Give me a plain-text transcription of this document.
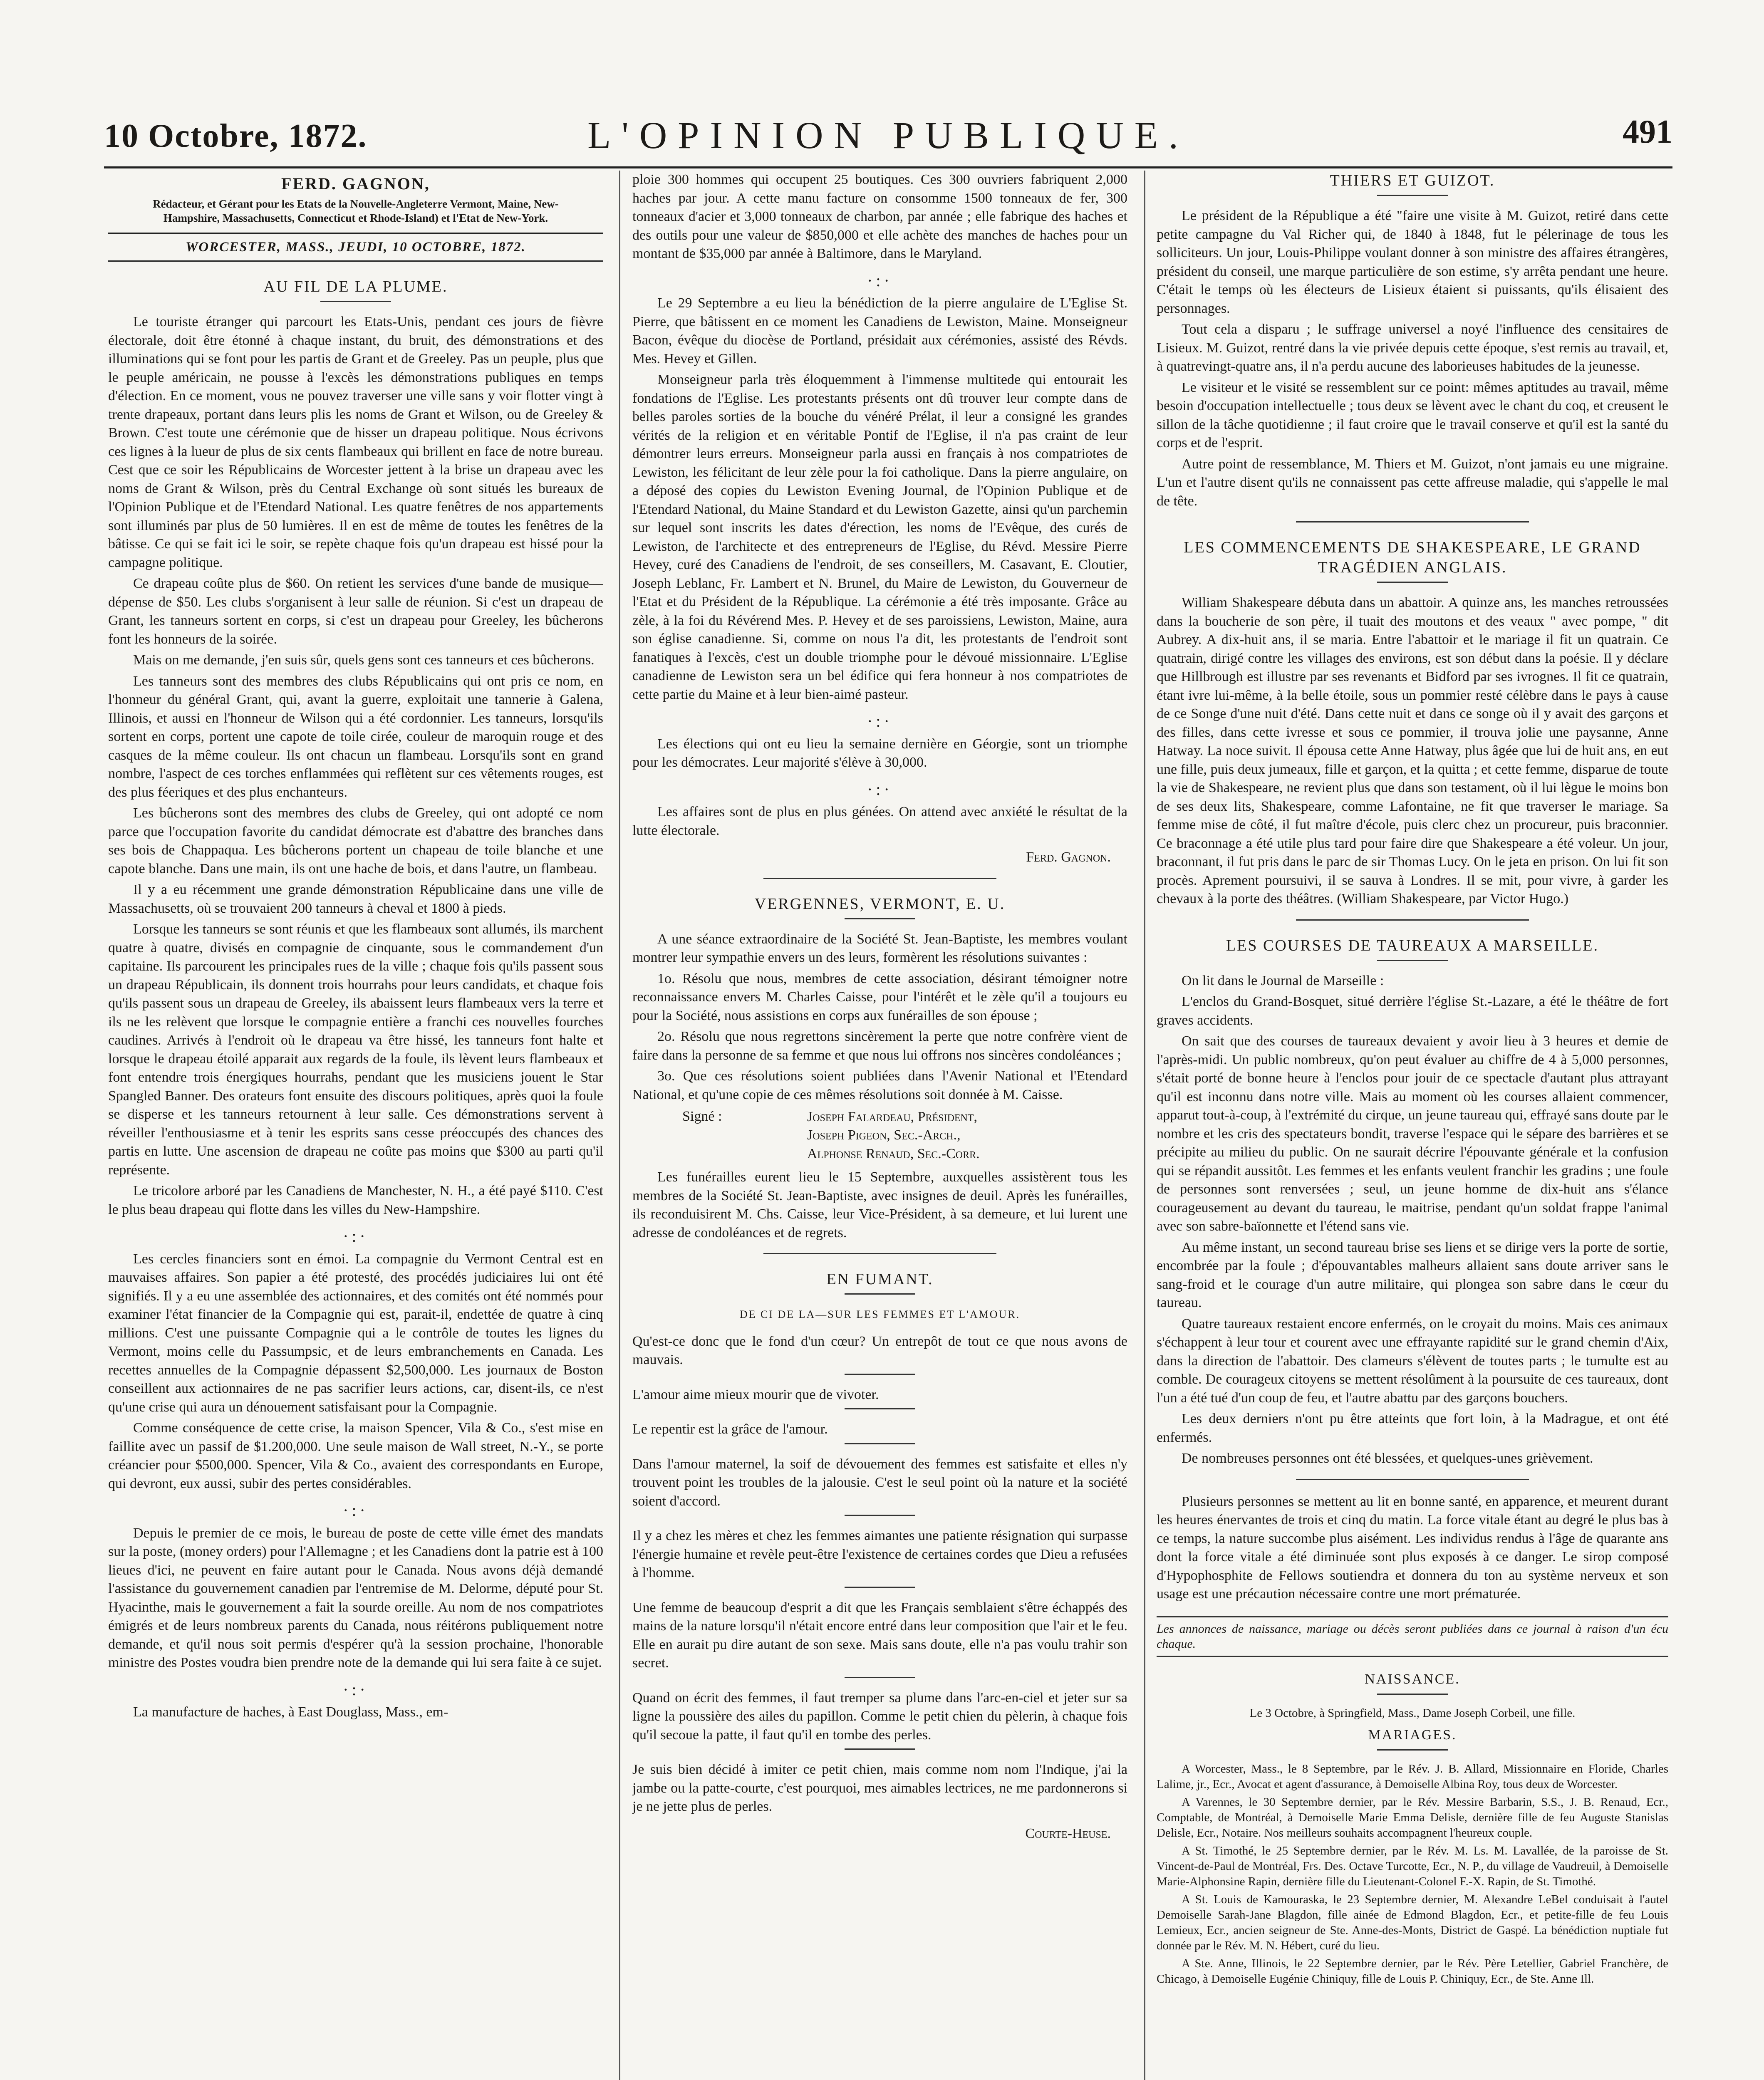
10 Octobre, 1872.	L'OPINION PUBLIQUE.	491
FERD. GAGNON,
Rédacteur, et Gérant pour les Etats de la Nouvelle-Angleterre Vermont, Maine, New-Hampshire, Massachusetts, Connecticut et Rhode-Island) et l'Etat de New-York.
WORCESTER, MASS., JEUDI, 10 OCTOBRE, 1872.
AU FIL DE LA PLUME.

Le touriste étranger qui parcourt les Etats-Unis, pendant ces jours de fièvre électorale, doit être étonné à chaque instant, du bruit, des démonstrations et des illuminations qui se font pour les partis de Grant et de Greeley. Pas un peuple, plus que le peuple américain, ne pousse à l'excès les démonstrations publiques en temps d'élection. En ce moment, vous ne pouvez traverser une ville sans y voir flotter vingt à trente drapeaux, portant dans leurs plis les noms de Grant et Wilson, ou de Greeley & Brown. C'est toute une cérémonie que de hisser un drapeau politique. Nous écrivons ces lignes à la lueur de plus de six cents flambeaux qui brillent en face de notre bureau. Cest que ce soir les Républicains de Worcester jettent à la brise un drapeau avec les noms de Grant & Wilson, près du Central Exchange où sont situés les bureaux de l'Opinion Publique et de l'Etendard National. Les quatre fenêtres de nos appartements sont illuminés par plus de 50 lumières. Il en est de même de toutes les fenêtres de la bâtisse. Ce qui se fait ici le soir, se repète chaque fois qu'un drapeau est hissé pour la campagne politique.

Ce drapeau coûte plus de $60. On retient les services d'une bande de musique—dépense de $50. Les clubs s'organisent à leur salle de réunion. Si c'est un drapeau de Grant, les tanneurs sortent en corps, si c'est un drapeau pour Greeley, les bûcherons font les honneurs de la soirée.

Mais on me demande, j'en suis sûr, quels gens sont ces tanneurs et ces bûcherons.

Les tanneurs sont des membres des clubs Républicains qui ont pris ce nom, en l'honneur du général Grant, qui, avant la guerre, exploitait une tannerie à Galena, Illinois, et aussi en l'honneur de Wilson qui a été cordonnier. Les tanneurs, lorsqu'ils sortent en corps, portent une capote de toile cirée, couleur de maroquin rouge et des casques de la même couleur. Ils ont chacun un flambeau. Lorsqu'ils sont en grand nombre, l'aspect de ces torches enflammées qui reflètent sur ces vêtements rouges, est des plus féeriques et des plus enchanteurs.

Les bûcherons sont des membres des clubs de Greeley, qui ont adopté ce nom parce que l'occupation favorite du candidat démocrate est d'abattre des branches dans ses bois de Chappaqua. Les bûcherons portent un chapeau de toile blanche et une capote blanche. Dans une main, ils ont une hache de bois, et dans l'autre, un flambeau.

Il y a eu récemment une grande démonstration Républicaine dans une ville de Massachusetts, où se trouvaient 200 tanneurs à cheval et 1800 à pieds.

Lorsque les tanneurs se sont réunis et que les flambeaux sont allumés, ils marchent quatre à quatre, divisés en compagnie de cinquante, sous le commandement d'un capitaine. Ils parcourent les principales rues de la ville ; chaque fois qu'ils passent sous un drapeau Républicain, ils donnent trois hourrahs pour leurs candidats, et chaque fois qu'ils passent sous un drapeau de Greeley, ils abaissent leurs flambeaux vers la terre et ils ne les relèvent que lorsque le compagnie entière a franchi ces nouvelles fourches caudines. Arrivés à l'endroit où le drapeau va être hissé, les tanneurs font halte et lorsque le drapeau étoilé apparait aux regards de la foule, ils lèvent leurs flambeaux et font entendre trois énergiques hourrahs, pendant que les musiciens jouent le Star Spangled Banner. Des orateurs font ensuite des discours politiques, après quoi la foule se disperse et les tanneurs retournent à leur salle. Ces démonstrations servent à réveiller l'enthousiasme et à tenir les esprits sans cesse préoccupés des chances des partis en lutte. Une ascension de drapeau ne coûte pas moins que $300 au parti qu'il représente.

Le tricolore arboré par les Canadiens de Manchester, N. H., a été payé $110. C'est le plus beau drapeau qui flotte dans les villes du New-Hampshire.

·:·

Les cercles financiers sont en émoi. La compagnie du Vermont Central est en mauvaises affaires. Son papier a été protesté, des procédés judiciaires lui ont été signifiés. Il y a eu une assemblée des actionnaires, et des comités ont été nommés pour examiner l'état financier de la Compagnie qui est, parait-il, endettée de quatre à cinq millions. C'est une puissante Compagnie qui a le contrôle de toutes les lignes du Vermont, moins celle du Passumpsic, et de leurs embranchements en Canada. Les recettes annuelles de la Compagnie dépassent $2,500,000. Les journaux de Boston conseillent aux actionnaires de ne pas sacrifier leurs actions, car, disent-ils, ce n'est qu'une crise qui aura un dénouement satisfaisant pour la Compagnie.

Comme conséquence de cette crise, la maison Spencer, Vila & Co., s'est mise en faillite avec un passif de $1.200,000. Une seule maison de Wall street, N.-Y., se porte créancier pour $500,000. Spencer, Vila & Co., avaient des correspondants en Europe, qui devront, eux aussi, subir des pertes considérables.

·:·

Depuis le premier de ce mois, le bureau de poste de cette ville émet des mandats sur la poste, (money orders) pour l'Allemagne ; et les Canadiens dont la patrie est à 100 lieues d'ici, ne peuvent en faire autant pour le Canada. Nous avons déjà demandé l'assistance du gouvernement canadien par l'entremise de M. Delorme, député pour St. Hyacinthe, mais le gouvernement a fait la sourde oreille. Au nom de nos compatriotes émigrés et de leurs nombreux parents du Canada, nous réitérons publiquement notre demande, et qu'il nous soit permis d'espérer qu'à la session prochaine, l'honorable ministre des Postes voudra bien prendre note de la demande qui lui sera faite à ce sujet.

·:·

La manufacture de haches, à East Douglass, Mass., em-

ploie 300 hommes qui occupent 25 boutiques. Ces 300 ouvriers fabriquent 2,000 haches par jour. A cette manu facture on consomme 1500 tonneaux de fer, 300 tonneaux d'acier et 3,000 tonneaux de charbon, par année ; elle fabrique des haches et des outils pour une valeur de $850,000 et elle achète des manches de haches pour un montant de $35,000 par année à Baltimore, dans le Maryland.

·:·

Le 29 Septembre a eu lieu la bénédiction de la pierre angulaire de L'Eglise St. Pierre, que bâtissent en ce moment les Canadiens de Lewiston, Maine. Monseigneur Bacon, évêque du diocèse de Portland, présidait aux cérémonies, assisté des Révds. Mes. Hevey et Gillen.

Monseigneur parla très éloquemment à l'immense multitede qui entourait les fondations de l'Eglise. Les protestants présents ont dû trouver leur compte dans de belles paroles sorties de la bouche du vénéré Prélat, il leur a consigné les grandes vérités de la religion et en véritable Pontif de l'Eglise, il n'a pas craint de leur démontrer leurs erreurs. Monseigneur parla aussi en français à nos compatriotes de Lewiston, les félicitant de leur zèle pour la foi catholique. Dans la pierre angulaire, on a déposé des copies du Lewiston Evening Journal, de l'Opinion Publique et de l'Etendard National, du Maine Standard et du Lewiston Gazette, ainsi qu'un parchemin sur lequel sont inscrits les dates d'érection, les noms de l'Evêque, des curés de Lewiston, de l'architecte et des entrepreneurs de l'Eglise, du Révd. Messire Pierre Hevey, curé des Canadiens de l'endroit, de ses conseillers, M. Casavant, E. Cloutier, Joseph Leblanc, Fr. Lambert et N. Brunel, du Maire de Lewiston, du Gouverneur de l'Etat et du Président de la République. La cérémonie a été très imposante. Grâce au zèle, à la foi du Révérend Mes. P. Hevey et de ses paroissiens, Lewiston, Maine, aura son église canadienne. Si, comme on nous l'a dit, les protestants de l'endroit sont fanatiques à l'excès, c'est un double triomphe pour le dévoué missionnaire. L'Eglise canadienne de Lewiston sera un bel édifice qui fera honneur à nos compatriotes de cette partie du Maine et à leur bien-aimé pasteur.

·:·

Les élections qui ont eu lieu la semaine dernière en Géorgie, sont un triomphe pour les démocrates. Leur majorité s'élève à 30,000.

·:·

Les affaires sont de plus en plus génées. On attend avec anxiété le résultat de la lutte électorale.

Ferd. Gagnon.

VERGENNES, VERMONT, E. U.

A une séance extraordinaire de la Société St. Jean-Baptiste, les membres voulant montrer leur sympathie envers un des leurs, formèrent les résolutions suivantes :

1o. Résolu que nous, membres de cette association, désirant témoigner notre reconnaissance envers M. Charles Caisse, pour l'intérêt et le zèle qu'il a toujours eu pour la Société, nous assistions en corps aux funérailles de son épouse ;

2o. Résolu que nous regrettons sincèrement la perte que notre confrère vient de faire dans la personne de sa femme et que nous lui offrons nos sincères condoléances ;

3o. Que ces résolutions soient publiées dans l'Avenir National et l'Etendard National, et qu'une copie de ces mêmes résolutions soit donnée à M. Caisse.

Signé :	Joseph Falardeau, Président,
Joseph Pigeon, Sec.-Arch.,
Alphonse Renaud, Sec.-Corr.

Les funérailles eurent lieu le 15 Septembre, auxquelles assistèrent tous les membres de la Société St. Jean-Baptiste, avec insignes de deuil. Après les funérailles, ils reconduisirent M. Chs. Caisse, leur Vice-Président, à sa demeure, et lui lurent une adresse de condoléances et de regrets.

EN FUMANT.
DE CI DE LA—SUR LES FEMMES ET L'AMOUR.

Qu'est-ce donc que le fond d'un cœur? Un entrepôt de tout ce que nous avons de mauvais.

L'amour aime mieux mourir que de vivoter.

Le repentir est la grâce de l'amour.

Dans l'amour maternel, la soif de dévouement des femmes est satisfaite et elles n'y trouvent point les troubles de la jalousie. C'est le seul point où la nature et la société soient d'accord.

Il y a chez les mères et chez les femmes aimantes une patiente résignation qui surpasse l'énergie humaine et revèle peut-être l'existence de certaines cordes que Dieu a refusées à l'homme.

Une femme de beaucoup d'esprit a dit que les Français semblaient s'être échappés des mains de la nature lorsqu'il n'était encore entré dans leur composition que l'air et le feu. Elle en aurait pu dire autant de son sexe. Mais sans doute, elle n'a pas voulu trahir son secret.

Quand on écrit des femmes, il faut tremper sa plume dans l'arc-en-ciel et jeter sur sa ligne la poussière des ailes du papillon. Comme le petit chien du pèlerin, à chaque fois qu'il secoue la patte, il faut qu'il en tombe des perles.

Je suis bien décidé à imiter ce petit chien, mais comme nom nom l'Indique, j'ai la jambe ou la patte-courte, c'est pourquoi, mes aimables lectrices, ne me pardonnerons si je ne jette plus de perles.

Courte-Heuse.

THIERS ET GUIZOT.

Le président de la République a été "faire une visite à M. Guizot, retiré dans cette petite campagne du Val Richer qui, de 1840 à 1848, fut le pélerinage de tous les solliciteurs. Un jour, Louis-Philippe voulant donner à son ministre des affaires étrangères, président du conseil, une marque particulière de son estime, s'y arrêta pendant une heure. C'était le temps où les électeurs de Lisieux étaient si puissants, qu'ils élisaient des personnages.

Tout cela a disparu ; le suffrage universel a noyé l'influence des censitaires de Lisieux. M. Guizot, rentré dans la vie privée depuis cette époque, s'est remis au travail, et, à quatrevingt-quatre ans, il n'a perdu aucune des laborieuses habitudes de la jeunesse.

Le visiteur et le visité se ressemblent sur ce point: mêmes aptitudes au travail, même besoin d'occupation intellectuelle ; tous deux se lèvent avec le chant du coq, et creusent le sillon de la tâche quotidienne ; il faut croire que le travail conserve et qu'il est la santé du corps et de l'esprit.

Autre point de ressemblance, M. Thiers et M. Guizot, n'ont jamais eu une migraine. L'un et l'autre disent qu'ils ne connaissent pas cette affreuse maladie, qui s'appelle le mal de tête.

LES COMMENCEMENTS DE SHAKESPEARE, LE GRAND TRAGÉDIEN ANGLAIS.

William Shakespeare débuta dans un abattoir. A quinze ans, les manches retroussées dans la boucherie de son père, il tuait des moutons et des veaux " avec pompe, " dit Aubrey. A dix-huit ans, il se maria. Entre l'abattoir et le mariage il fit un quatrain. Ce quatrain, dirigé contre les villages des environs, est son début dans la poésie. Il y déclare que Hillbrough est illustre par ses revenants et Bidford par ses ivrognes. Il fit ce quatrain, étant ivre lui-même, à la belle étoile, sous un pommier resté célèbre dans le pays à cause de ce Songe d'une nuit d'été. Dans cette nuit et dans ce songe où il y avait des garçons et des filles, dans cette ivresse et sous ce pommier, il trouva jolie une paysanne, Anne Hatway. La noce suivit. Il épousa cette Anne Hatway, plus âgée que lui de huit ans, en eut une fille, puis deux jumeaux, fille et garçon, et la quitta ; et cette femme, disparue de toute la vie de Shakespeare, ne revient plus que dans son testament, où il lui lègue le moins bon de ses deux lits, Shakespeare, comme Lafontaine, ne fit que traverser le mariage. Sa femme mise de côté, il fut maître d'école, puis clerc chez un procureur, puis braconnier. Ce braconnage a été utile plus tard pour faire dire que Shakespeare a été voleur. Un jour, braconnant, il fut pris dans le parc de sir Thomas Lucy. On le jeta en prison. On lui fit son procès. Aprement poursuivi, il se sauva à Londres. Il se mit, pour vivre, à garder les chevaux à la porte des théâtres. (William Shakespeare, par Victor Hugo.)

LES COURSES DE TAUREAUX A MARSEILLE.

On lit dans le Journal de Marseille :

L'enclos du Grand-Bosquet, situé derrière l'église St.-Lazare, a été le théâtre de fort graves accidents.

On sait que des courses de taureaux devaient y avoir lieu à 3 heures et demie de l'après-midi. Un public nombreux, qu'on peut évaluer au chiffre de 4 à 5,000 personnes, s'était porté de bonne heure à l'enclos pour jouir de ce spectacle d'autant plus attrayant qu'il est inconnu dans notre ville. Mais au moment où les courses allaient commencer, apparut tout-à-coup, à l'extrémité du cirque, un jeune taureau qui, effrayé sans doute par le nombre et les cris des spectateurs bondit, traverse l'espace qui le sépare des barrières et se précipite au milieu du public. On ne saurait décrire l'épouvante générale et la confusion qui se répandit aussitôt. Les femmes et les enfants veulent franchir les gradins ; une foule de personnes sont renversées ; seul, un jeune homme de dix-huit ans s'élance courageusement au devant du taureau, le maitrise, pendant qu'un soldat frappe l'animal avec son sabre-baïonnette et l'étend sans vie.

Au même instant, un second taureau brise ses liens et se dirige vers la porte de sortie, encombrée par la foule ; d'épouvantables malheurs allaient sans doute arriver sans le sang-froid et le courage d'un autre militaire, qui plongea son sabre dans le cœur du taureau.

Quatre taureaux restaient encore enfermés, on le croyait du moins. Mais ces animaux s'échappent à leur tour et courent avec une effrayante rapidité sur le grand chemin d'Aix, dans la direction de l'abattoir. Des clameurs s'élèvent de toutes parts ; le tumulte est au comble. De courageux citoyens se mettent résolûment à la poursuite de ces taureaux, dont l'un a été tué d'un coup de feu, et l'autre abattu par des garçons bouchers.

Les deux derniers n'ont pu être atteints que fort loin, à la Madrague, et ont été enfermés.

De nombreuses personnes ont été blessées, et quelques-unes grièvement.

Plusieurs personnes se mettent au lit en bonne santé, en apparence, et meurent durant les heures énervantes de trois et cinq du matin. La force vitale étant au degré le plus bas à ce temps, la nature succombe plus aisément. Les individus rendus à l'âge de quarante ans dont la force vitale a été diminuée sont plus exposés à ce danger. Le sirop composé d'Hypophosphite de Fellows soutiendra et donnera du ton au système nerveux et son usage est une précaution nécessaire contre une mort prématurée.

Les annonces de naissance, mariage ou décès seront publiées dans ce journal à raison d'un écu chaque.

NAISSANCE.

Le 3 Octobre, à Springfield, Mass., Dame Joseph Corbeil, une fille.

MARIAGES.

A Worcester, Mass., le 8 Septembre, par le Rév. J. B. Allard, Missionnaire en Floride, Charles Lalime, jr., Ecr., Avocat et agent d'assurance, à Demoiselle Albina Roy, tous deux de Worcester.

A Varennes, le 30 Septembre dernier, par le Rév. Messire Barbarin, S.S., J. B. Renaud, Ecr., Comptable, de Montréal, à Demoiselle Marie Emma Delisle, dernière fille de feu Auguste Stanislas Delisle, Ecr., Notaire. Nos meilleurs souhaits accompagnent l'heureux couple.

A St. Timothé, le 25 Septembre dernier, par le Rév. M. Ls. M. Lavallée, de la paroisse de St. Vincent-de-Paul de Montréal, Frs. Des. Octave Turcotte, Ecr., N. P., du village de Vaudreuil, à Demoiselle Marie-Alphonsine Rapin, dernière fille du Lieutenant-Colonel F.-X. Rapin, de St. Timothé.

A St. Louis de Kamouraska, le 23 Septembre dernier, M. Alexandre LeBel conduisait à l'autel Demoiselle Sarah-Jane Blagdon, fille ainée de Edmond Blagdon, Ecr., et petite-fille de feu Louis Lemieux, Ecr., ancien seigneur de Ste. Anne-des-Monts, District de Gaspé. La bénédiction nuptiale fut donnée par le Rév. M. N. Hébert, curé du lieu.

A Ste. Anne, Illinois, le 22 Septembre dernier, par le Rév. Père Letellier, Gabriel Franchère, de Chicago, à Demoiselle Eugénie Chiniquy, fille de Louis P. Chiniquy, Ecr., de Ste. Anne Ill.
